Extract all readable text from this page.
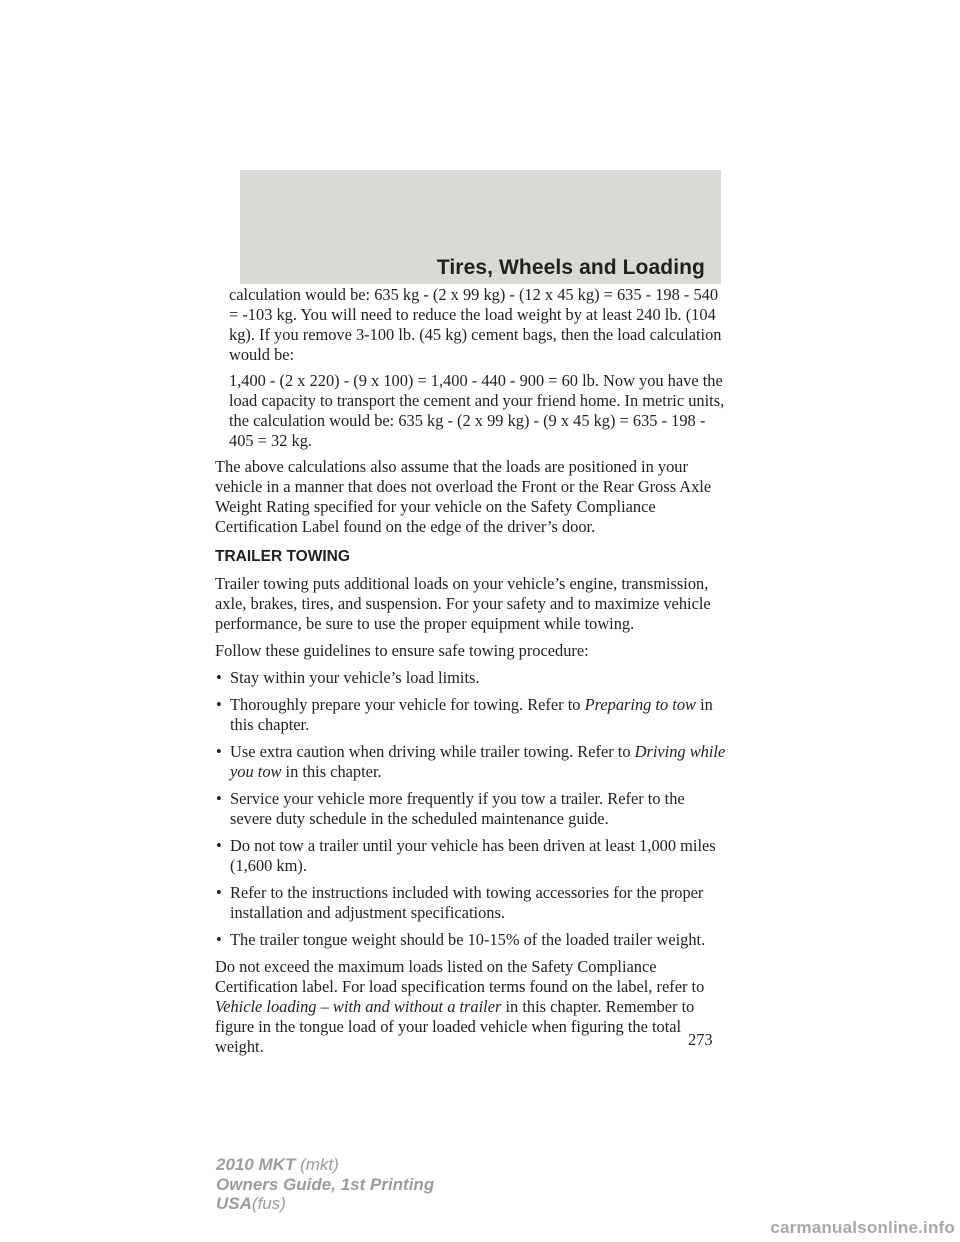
Tires, Wheels and Loading

calculation would be: 635 kg - (2 x 99 kg) - (12 x 45 kg) = 635 - 198 - 540 = -103 kg. You will need to reduce the load weight by at least 240 lb. (104 kg). If you remove 3-100 lb. (45 kg) cement bags, then the load calculation would be:

1,400 - (2 x 220) - (9 x 100) = 1,400 - 440 - 900 = 60 lb. Now you have the load capacity to transport the cement and your friend home. In metric units, the calculation would be: 635 kg - (2 x 99 kg) - (9 x 45 kg) = 635 - 198 - 405 = 32 kg.

The above calculations also assume that the loads are positioned in your vehicle in a manner that does not overload the Front or the Rear Gross Axle Weight Rating specified for your vehicle on the Safety Compliance Certification Label found on the edge of the driver’s door.

TRAILER TOWING

Trailer towing puts additional loads on your vehicle’s engine, transmission, axle, brakes, tires, and suspension. For your safety and to maximize vehicle performance, be sure to use the proper equipment while towing.

Follow these guidelines to ensure safe towing procedure:

• Stay within your vehicle’s load limits.
• Thoroughly prepare your vehicle for towing. Refer to Preparing to tow in this chapter.
• Use extra caution when driving while trailer towing. Refer to Driving while you tow in this chapter.
• Service your vehicle more frequently if you tow a trailer. Refer to the severe duty schedule in the scheduled maintenance guide.
• Do not tow a trailer until your vehicle has been driven at least 1,000 miles (1,600 km).
• Refer to the instructions included with towing accessories for the proper installation and adjustment specifications.
• The trailer tongue weight should be 10-15% of the loaded trailer weight.

Do not exceed the maximum loads listed on the Safety Compliance Certification label. For load specification terms found on the label, refer to Vehicle loading – with and without a trailer in this chapter. Remember to figure in the tongue load of your loaded vehicle when figuring the total weight.	273

2010 MKT (mkt)
Owners Guide, 1st Printing
USA(fus)

carmanualsonline.info
